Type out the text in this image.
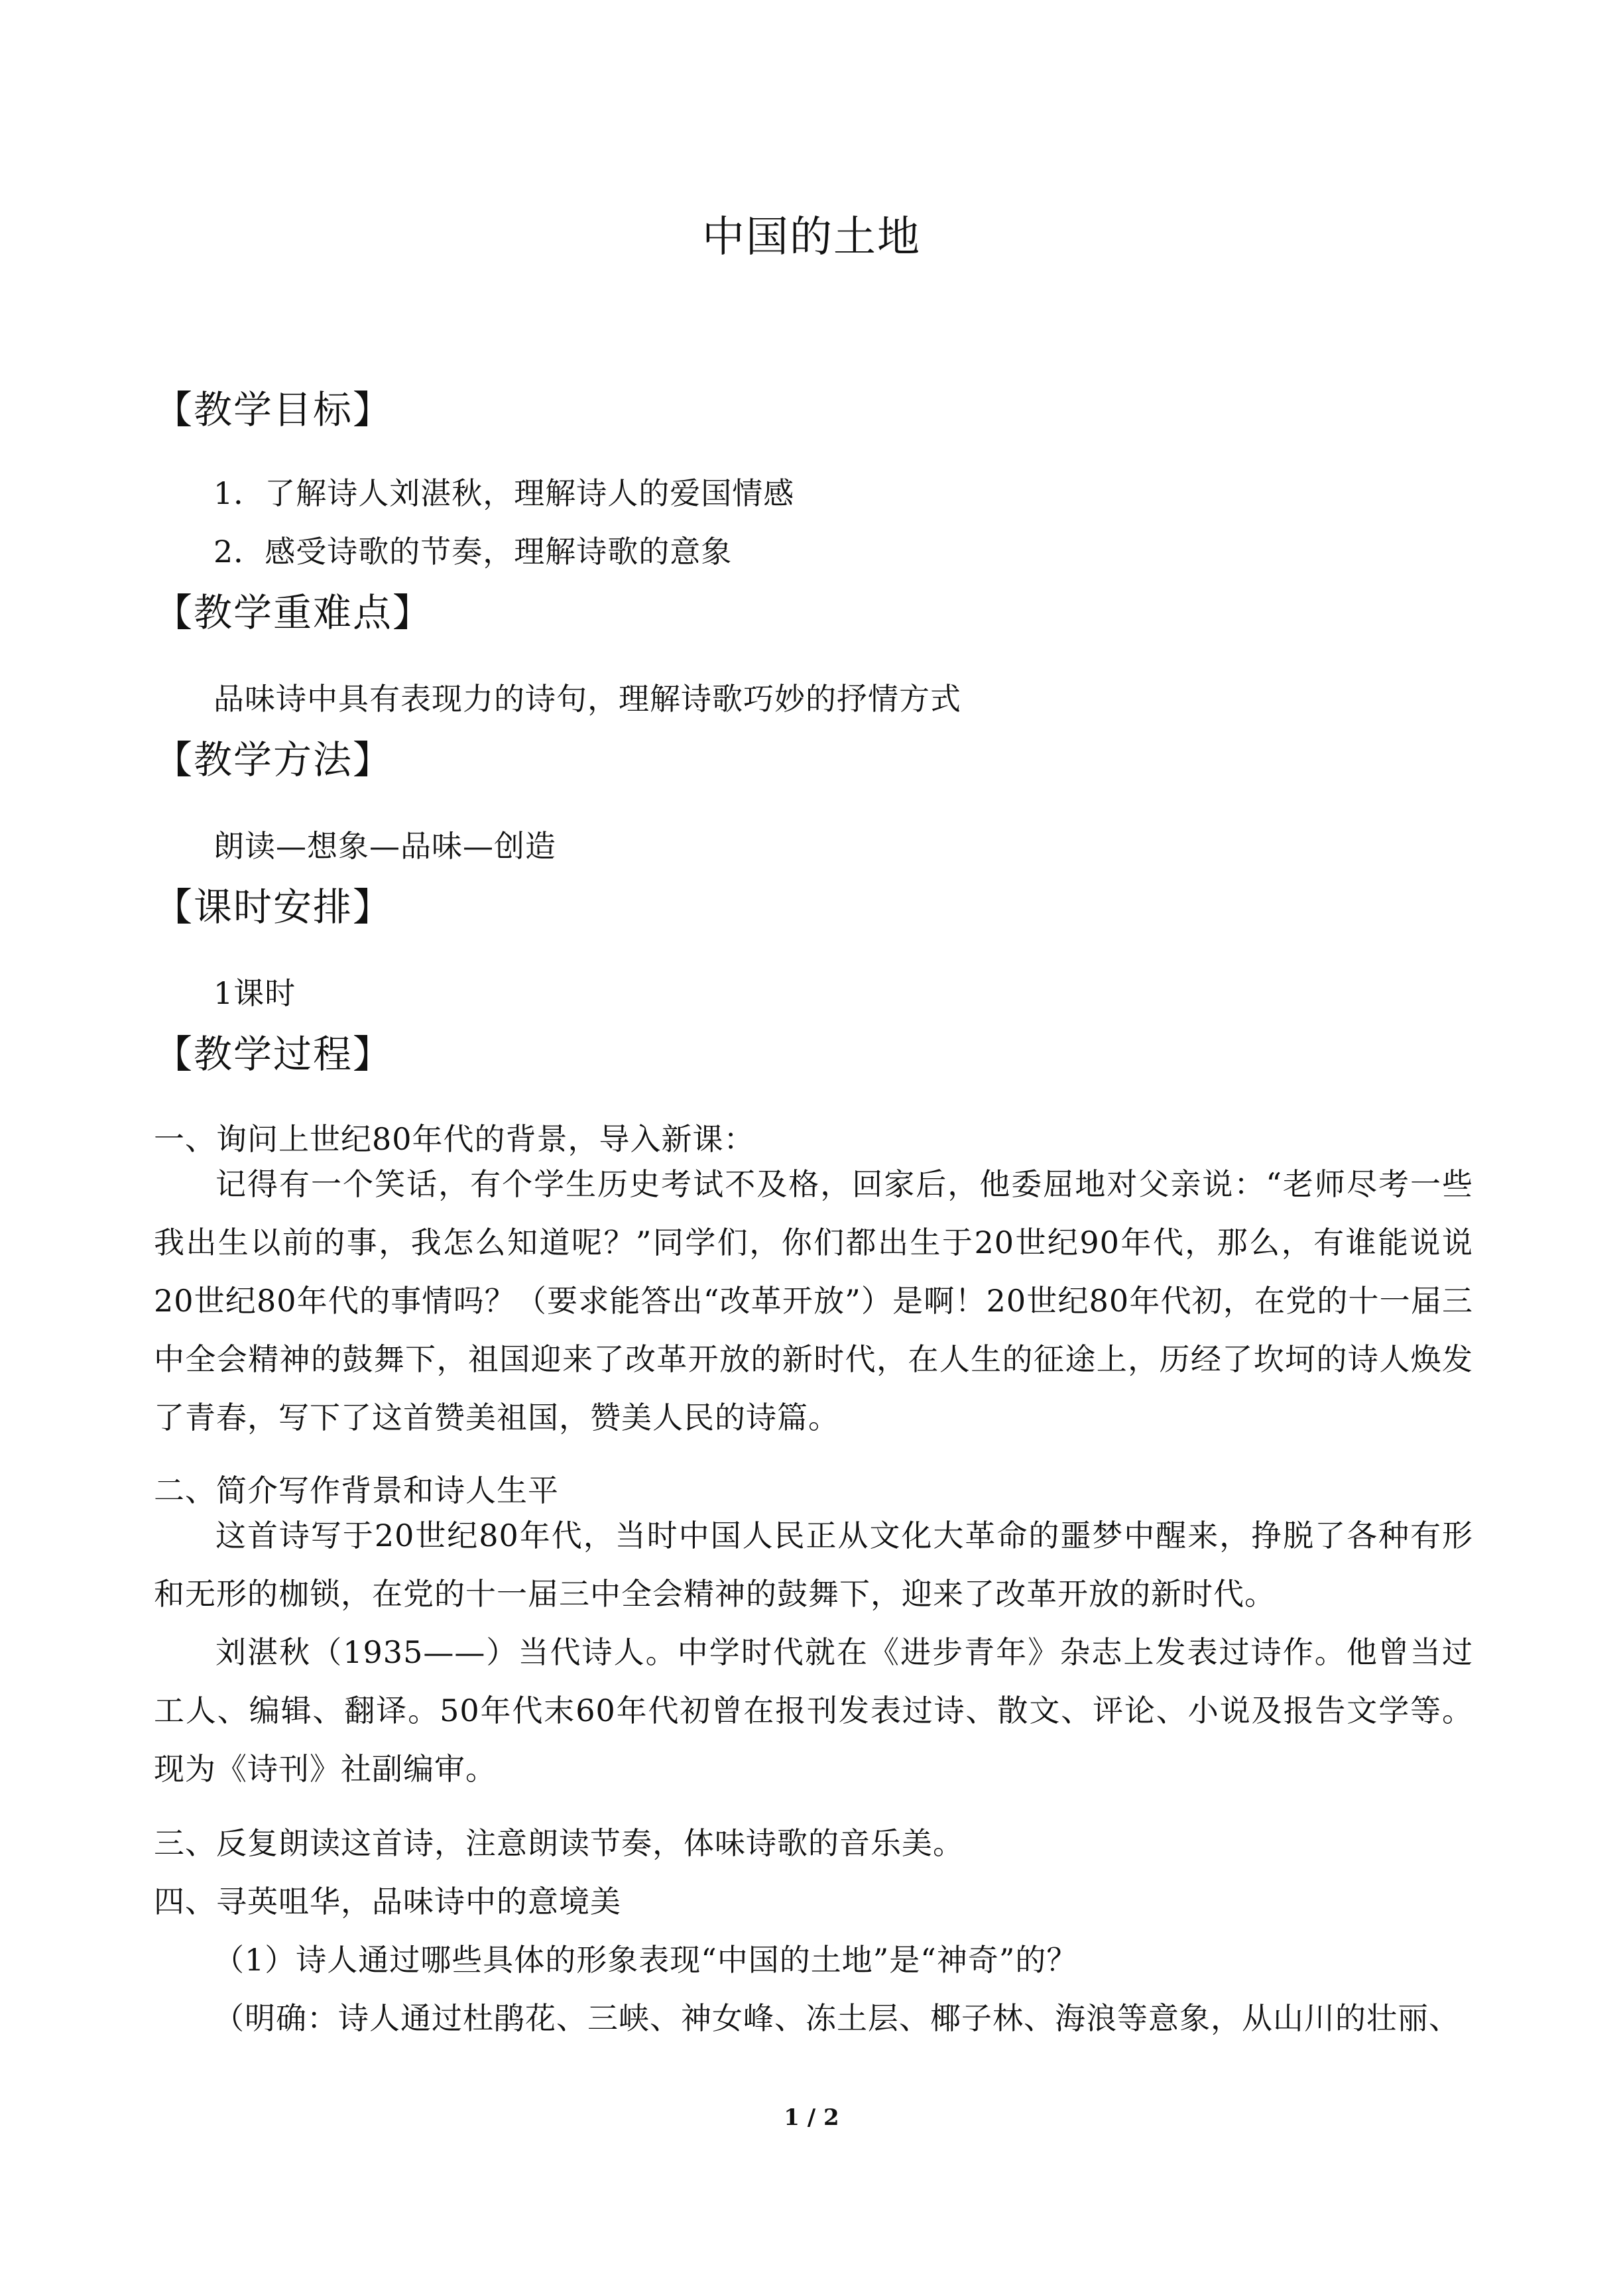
中国的土地
【教学目标】
1．了解诗人刘湛秋，理解诗人的爱国情感
2．感受诗歌的节奏，理解诗歌的意象
【教学重难点】
品味诗中具有表现力的诗句，理解诗歌巧妙的抒情方式
【教学方法】
朗读—想象—品味—创造
【课时安排】
1课时
【教学过程】
一、询问上世纪80年代的背景，导入新课：
记得有一个笑话，有个学生历史考试不及格，回家后，他委屈地对父亲说：“老师尽考一些我出生以前的事，我怎么知道呢？”同学们，你们都出生于20世纪90年代，那么，有谁能说说20世纪80年代的事情吗？（要求能答出“改革开放”）是啊！20世纪80年代初，在党的十一届三中全会精神的鼓舞下，祖国迎来了改革开放的新时代，在人生的征途上，历经了坎坷的诗人焕发了青春，写下了这首赞美祖国，赞美人民的诗篇。
二、简介写作背景和诗人生平
这首诗写于20世纪80年代，当时中国人民正从文化大革命的噩梦中醒来，挣脱了各种有形和无形的枷锁，在党的十一届三中全会精神的鼓舞下，迎来了改革开放的新时代。
刘湛秋（1935——）当代诗人。中学时代就在《进步青年》杂志上发表过诗作。他曾当过工人、编辑、翻译。50年代末60年代初曾在报刊发表过诗、散文、评论、小说及报告文学等。现为《诗刊》社副编审。
三、反复朗读这首诗，注意朗读节奏，体味诗歌的音乐美。
四、寻英咀华，品味诗中的意境美
（1）诗人通过哪些具体的形象表现“中国的土地”是“神奇”的？
（明确：诗人通过杜鹃花、三峡、神女峰、冻土层、椰子林、海浪等意象，从山川的壮丽、
1 / 2
